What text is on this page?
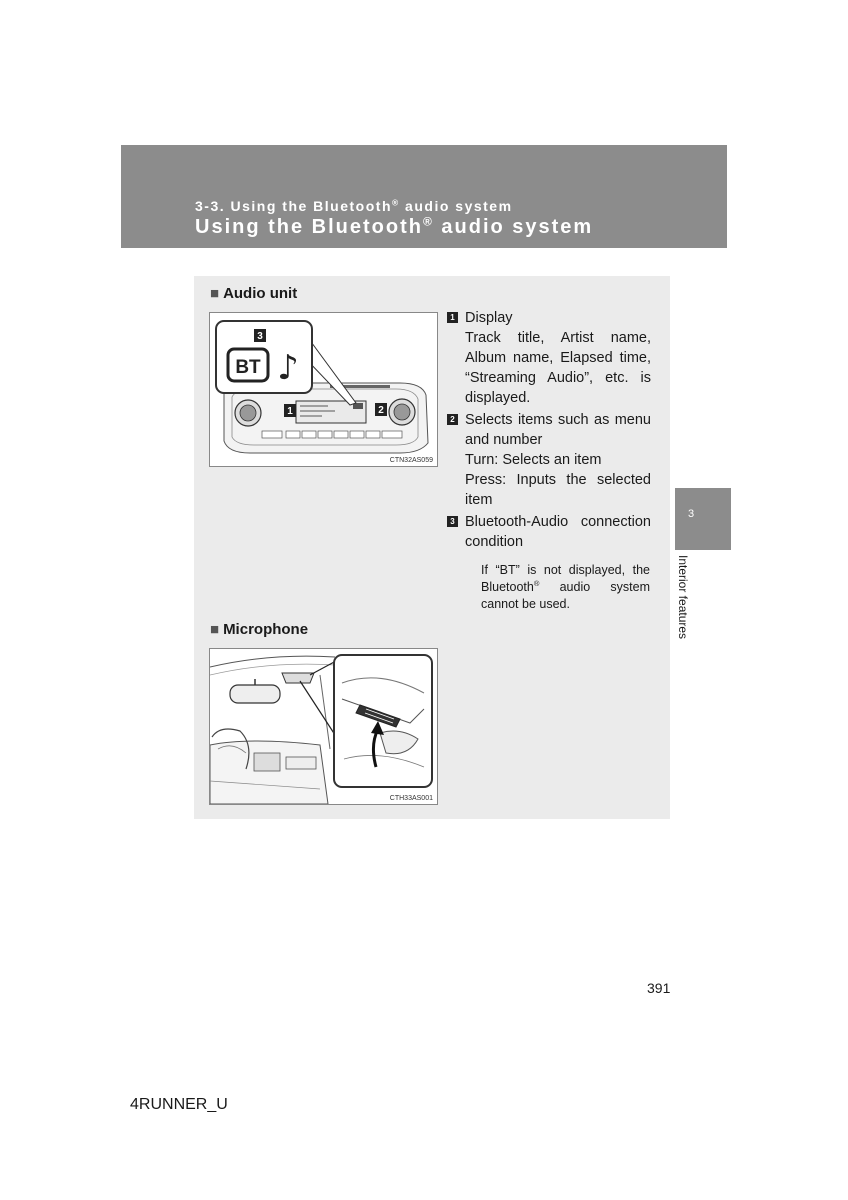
3-3. Using the Bluetooth® audio system
Using the Bluetooth® audio system
■ Audio unit
1	2
3
BT ♪
CTN32AS059
1 Display
Track title, Artist name, Album name, Elapsed time, “Streaming Audio”, etc. is displayed.
2 Selects items such as menu and number
Turn: Selects an item
Press: Inputs the selected item
3 Bluetooth-Audio connection condition
If “BT” is not displayed, the Bluetooth® audio system cannot be used.
■ Microphone
CTH33AS001
3
Interior features
391
4RUNNER_U
